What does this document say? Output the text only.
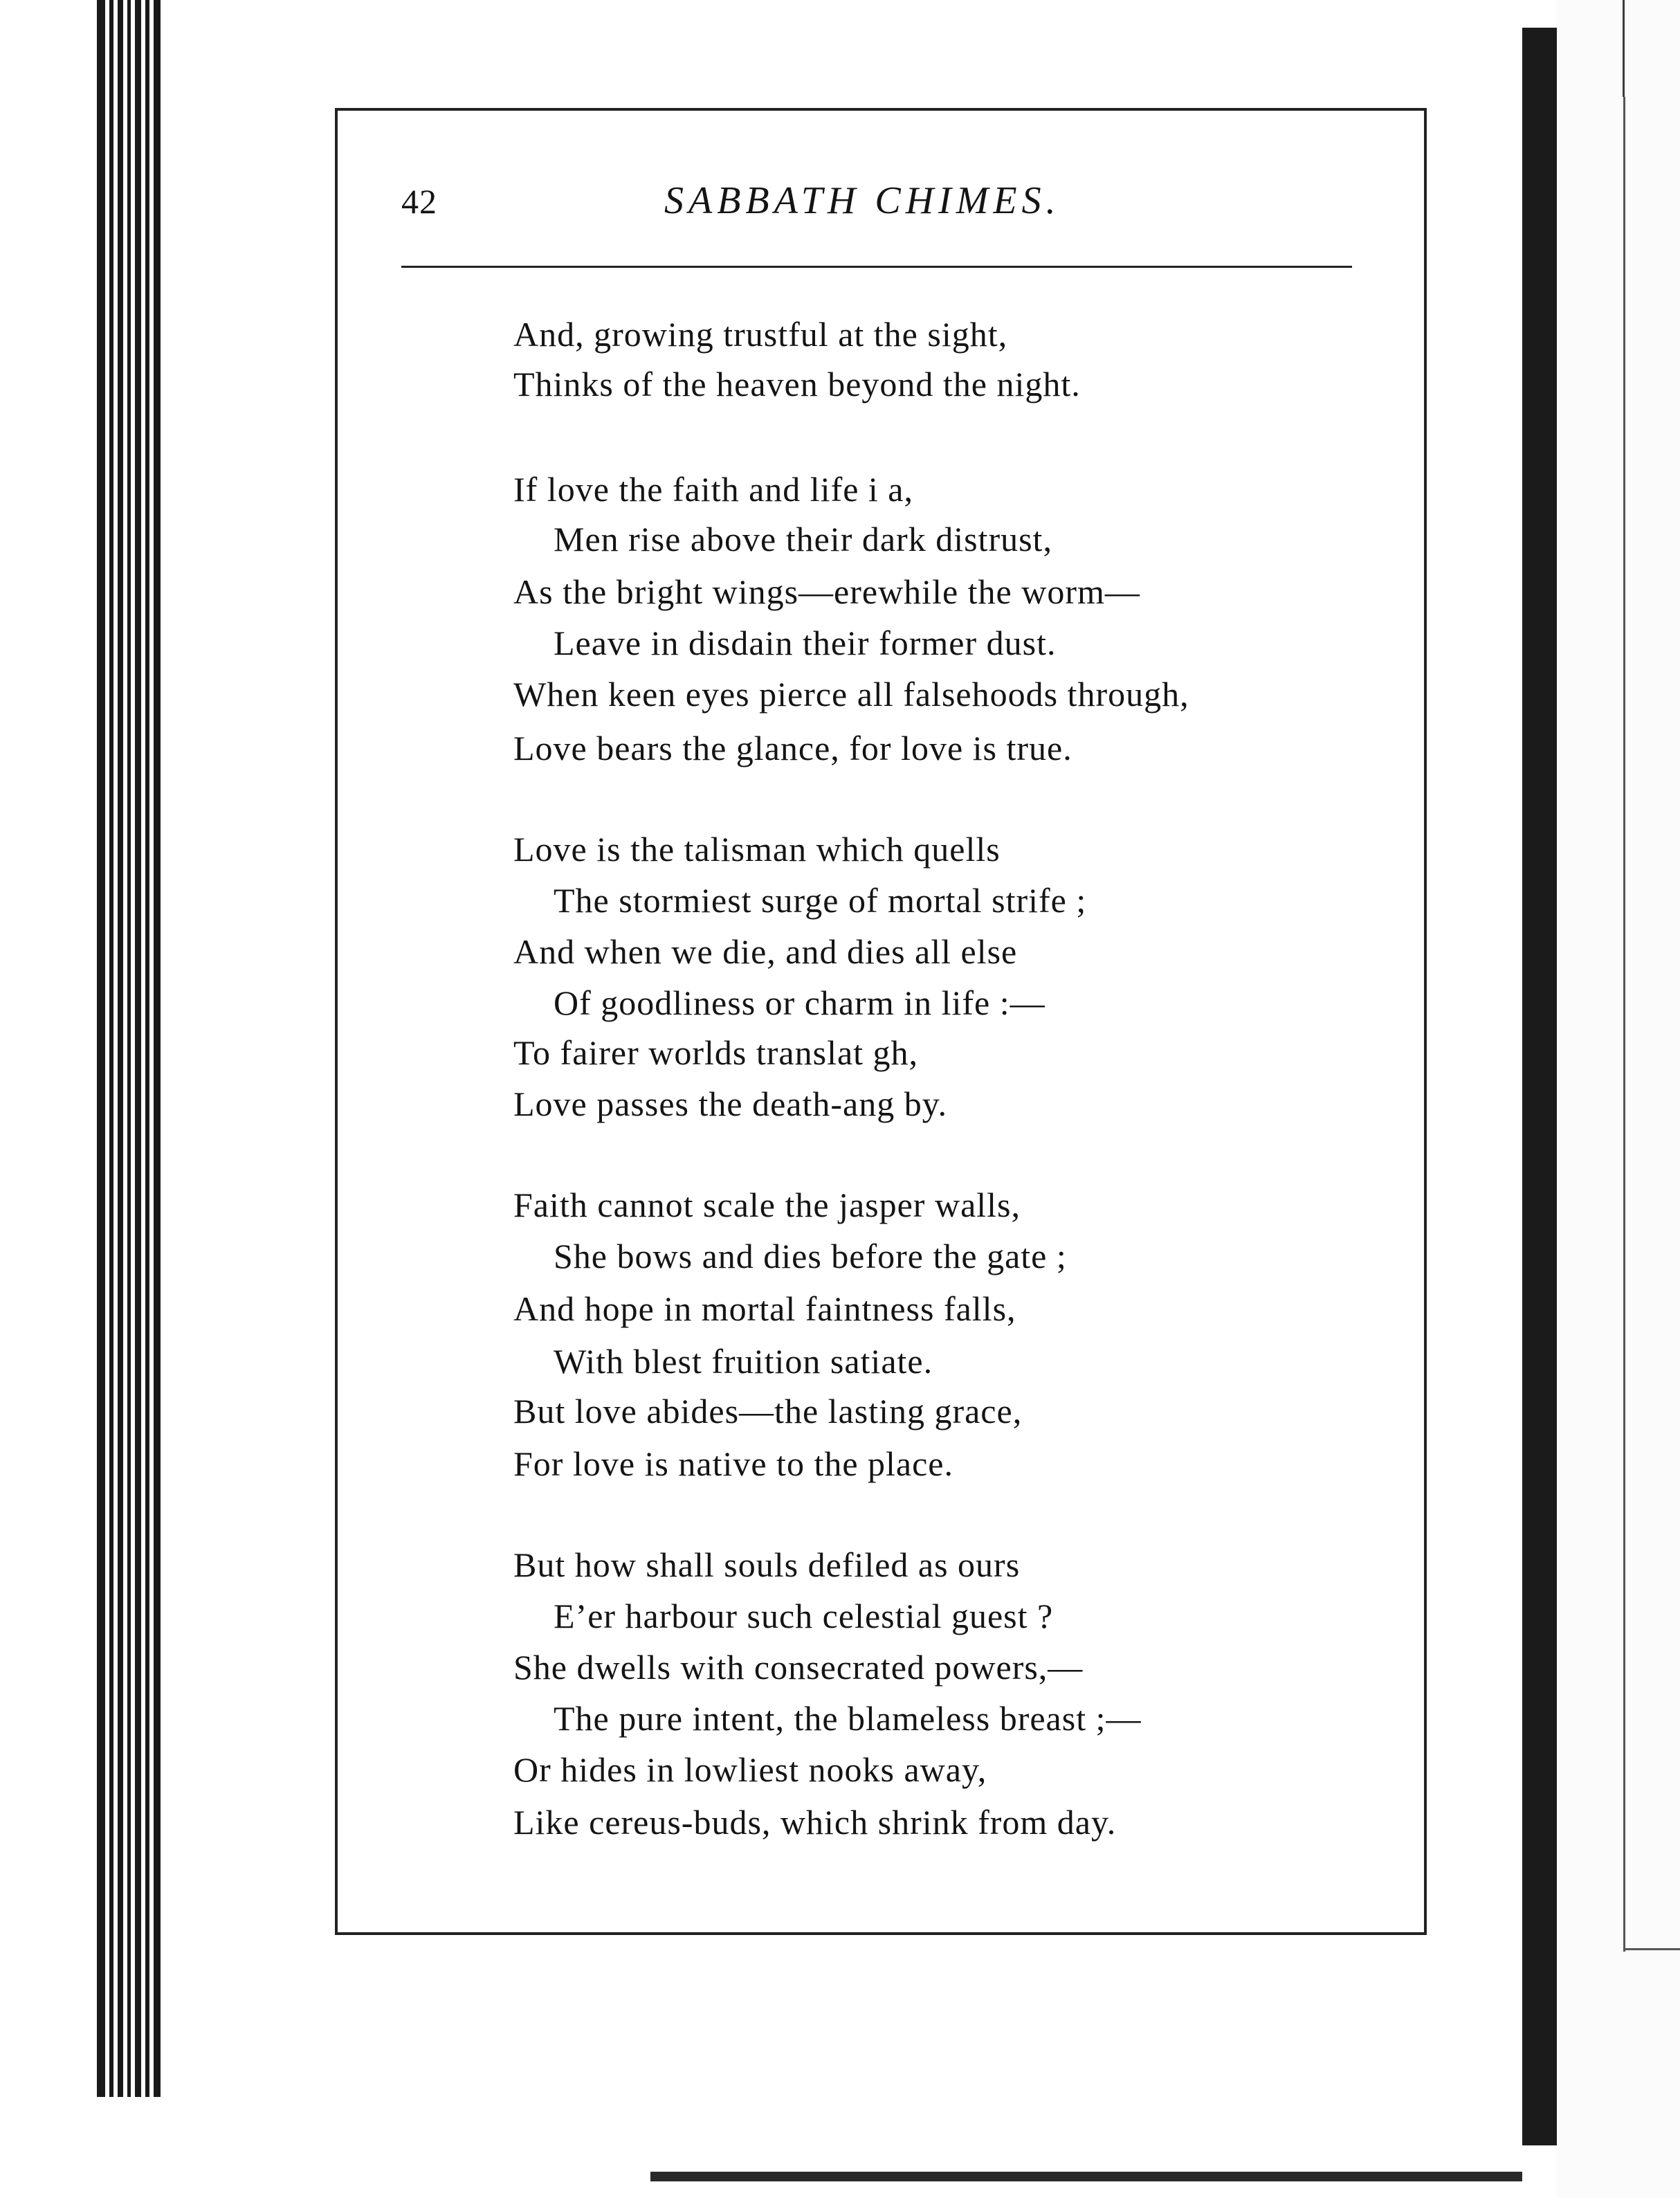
42	SABBATH CHIMES.
And, growing trustful at the sight,
Thinks of the heaven beyond the night.
If love the faith and life i a,
Men rise above their dark distrust,
As the bright wings—erewhile the worm—
Leave in disdain their former dust.
When keen eyes pierce all falsehoods through,
Love bears the glance, for love is true.
Love is the talisman which quells
The stormiest surge of mortal strife ;
And when we die, and dies all else
Of goodliness or charm in life :—
To fairer worlds translat gh,
Love passes the death-ang by.
Faith cannot scale the jasper walls,
She bows and dies before the gate ;
And hope in mortal faintness falls,
With blest fruition satiate.
But love abides—the lasting grace,
For love is native to the place.
But how shall souls defiled as ours
E’er harbour such celestial guest ?
She dwells with consecrated powers,—
The pure intent, the blameless breast ;—
Or hides in lowliest nooks away,
Like cereus-buds, which shrink from day.
